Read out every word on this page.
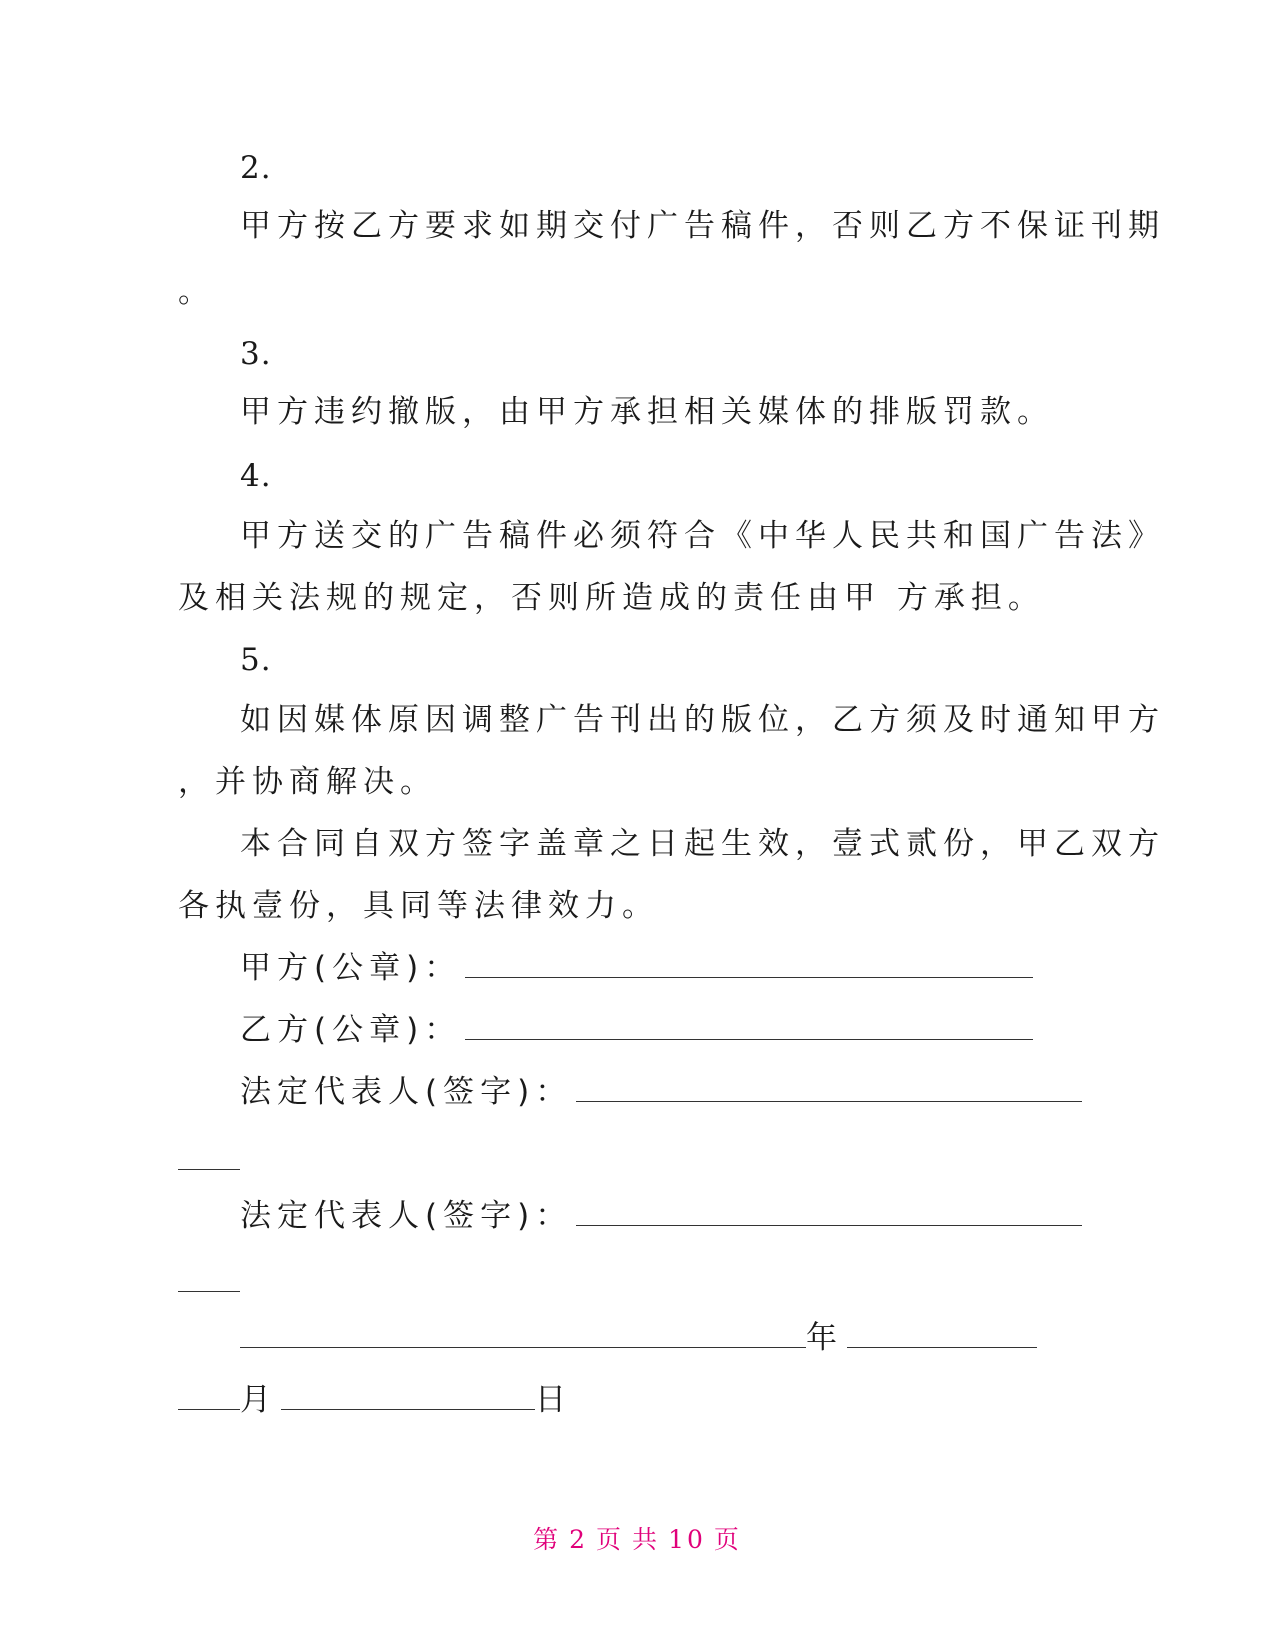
2.
甲方按乙方要求如期交付广告稿件，否则乙方不保证刊期
。
3.
甲方违约撤版，由甲方承担相关媒体的排版罚款。
4.
甲方送交的广告稿件必须符合《中华人民共和国广告法》
及相关法规的规定，否则所造成的责任由甲 方承担。
5.
如因媒体原因调整广告刊出的版位，乙方须及时通知甲方
，并协商解决。
本合同自双方签字盖章之日起生效，壹式贰份，甲乙双方
各执壹份，具同等法律效力。
甲方(公章)：
乙方(公章)：
法定代表人(签字)：
法定代表人(签字)：
年
月	日
第 2 页 共 10 页
